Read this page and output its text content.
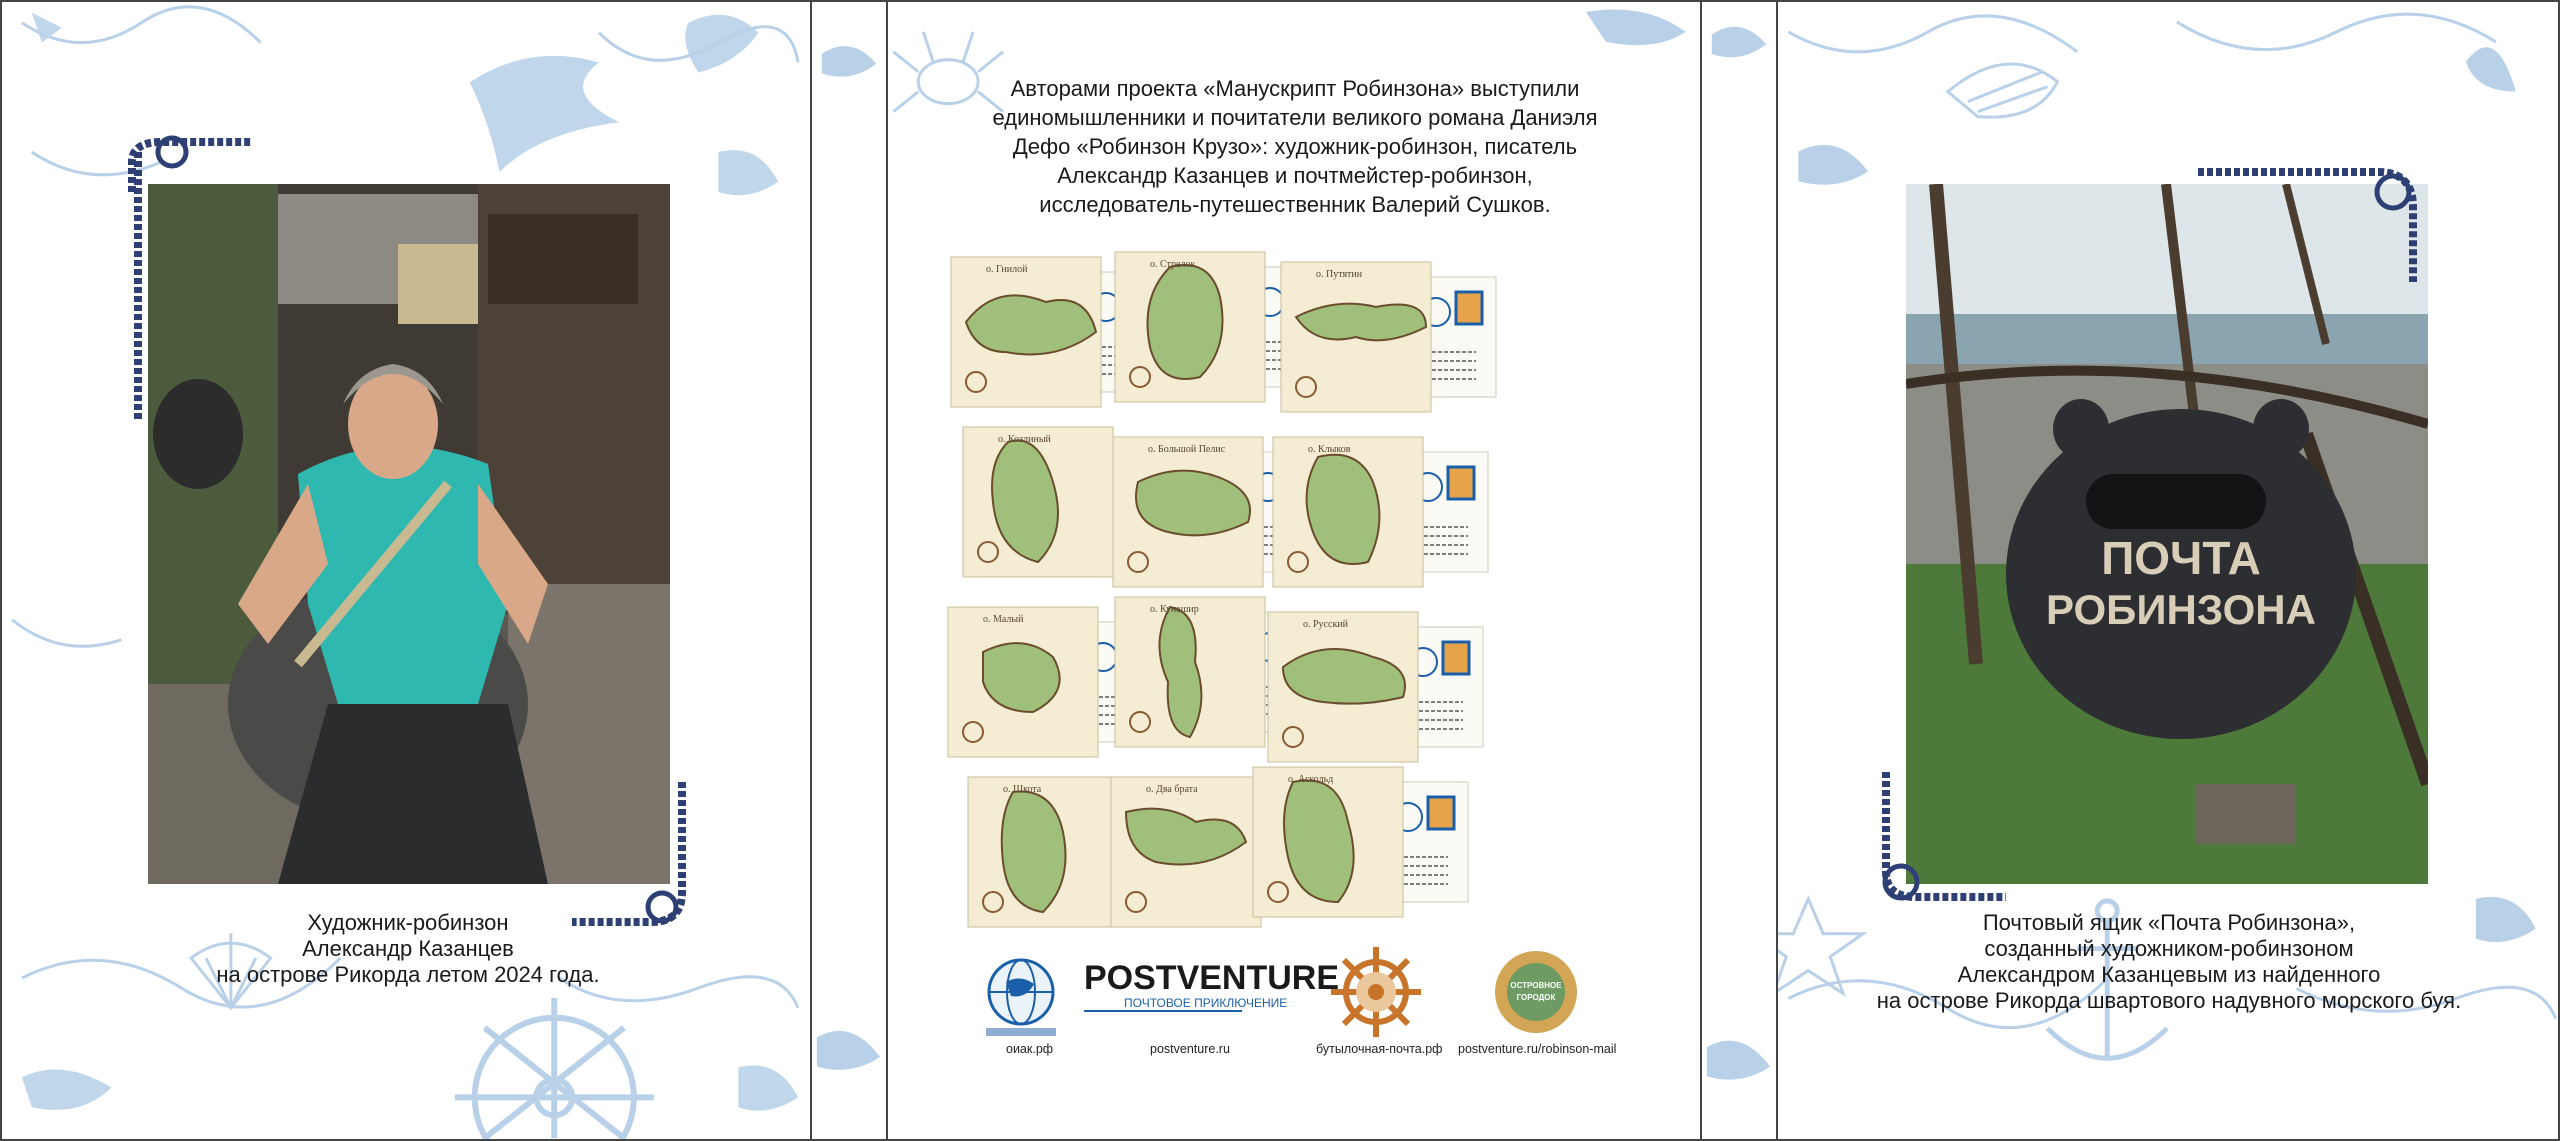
Художник-робинзон
Александр Казанцев
на острове Рикорда летом 2024 года.
Авторами проекта «Манускрипт Робинзона» выступили
единомышленники и почитатели великого романа Даниэля
Дефо «Робинзон Крузо»: художник-робинзон, писатель
Александр Казанцев и почтмейстер-робинзон,
исследователь-путешественник Валерий Сушков.
о. Гнилой	о. Стрелок
о. Путятин
о. Козлиный
о. Большой Пелис	о. Клыков
о. Малый
о. Кунашир
о. Русский
о. Шкота	о. Два брата
о. Аскольд
POSTVENTURE
ПОЧТОВОЕ ПРИКЛЮЧЕНИЕ
ОСТРОВНОЕ
ГОРОДОК
оиак.рф	postventure.ru	бутылочная-почта.рф postventure.ru/robinson-mail
ПОЧТА
РОБИНЗОНА
Почтовый ящик «Почта Робинзона»,
созданный художником-робинзоном
Александром Казанцевым из найденного
на острове Рикорда швартового надувного морского буя.
